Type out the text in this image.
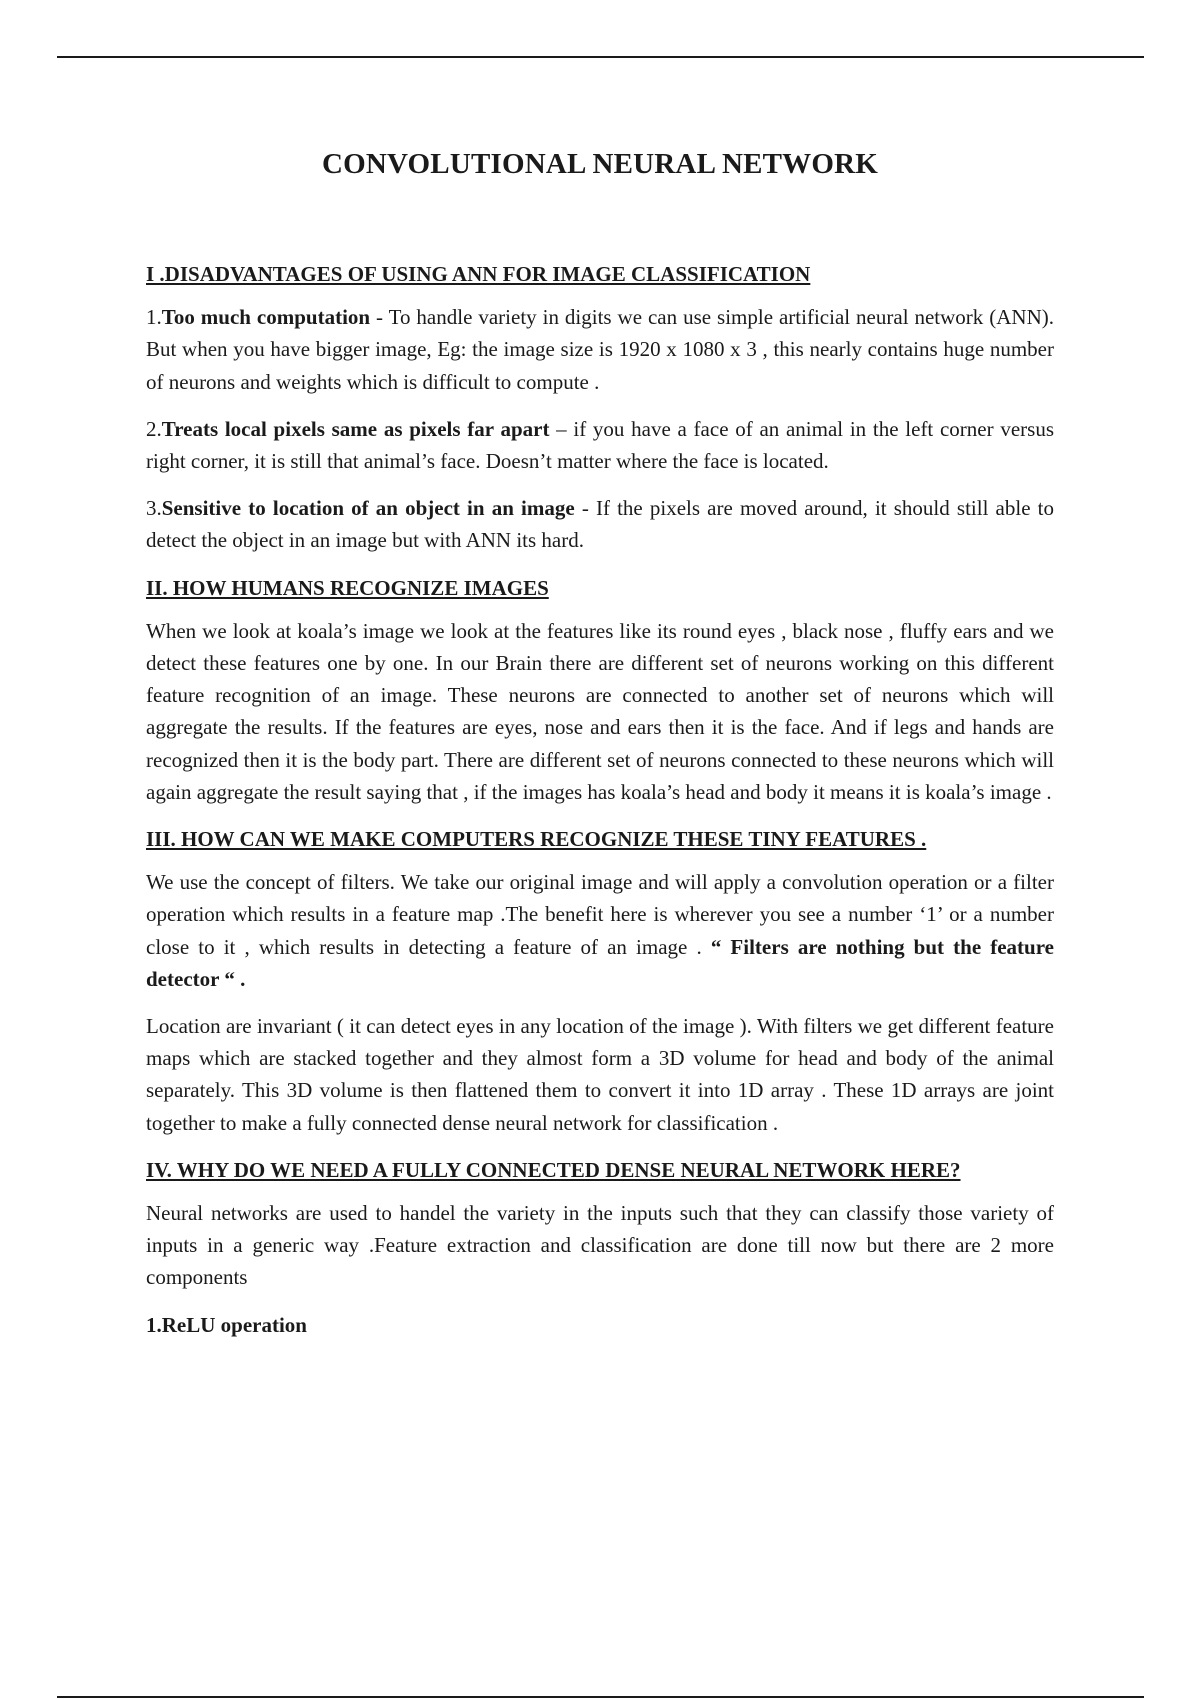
CONVOLUTIONAL NEURAL NETWORK
I .DISADVANTAGES OF USING ANN FOR IMAGE CLASSIFICATION

1.Too much computation - To handle variety in digits we can use simple artificial neural network (ANN). But when you have bigger image, Eg: the image size is 1920 x 1080 x 3 , this nearly contains huge number of neurons and weights which is difficult to compute .

2.Treats local pixels same as pixels far apart – if you have a face of an animal in the left corner versus right corner, it is still that animal’s face. Doesn’t matter where the face is located.

3.Sensitive to location of an object in an image - If the pixels are moved around, it should still able to detect the object in an image but with ANN its hard.

II. HOW HUMANS RECOGNIZE IMAGES

When we look at koala’s image we look at the features like its round eyes , black nose , fluffy ears and we detect these features one by one. In our Brain there are different set of neurons working on this different feature recognition of an image. These neurons are connected to another set of neurons which will aggregate the results. If the features are eyes, nose and ears then it is the face. And if legs and hands are recognized then it is the body part. There are different set of neurons connected to these neurons which will again aggregate the result saying that , if the images has koala’s head and body it means it is koala’s image .

III. HOW CAN WE MAKE COMPUTERS RECOGNIZE THESE TINY FEATURES .

We use the concept of filters. We take our original image and will apply a convolution operation or a filter operation which results in a feature map .The benefit here is wherever you see a number ‘1’ or a number close to it , which results in detecting a feature of an image . “ Filters are nothing but the feature detector “ .

Location are invariant ( it can detect eyes in any location of the image ). With filters we get different feature maps which are stacked together and they almost form a 3D volume for head and body of the animal separately. This 3D volume is then flattened them to convert it into 1D array . These 1D arrays are joint together to make a fully connected dense neural network for classification .

IV. WHY DO WE NEED A FULLY CONNECTED DENSE NEURAL NETWORK HERE?

Neural networks are used to handel the variety in the inputs such that they can classify those variety of inputs in a generic way .Feature extraction and classification are done till now but there are 2 more components

1.ReLU operation
